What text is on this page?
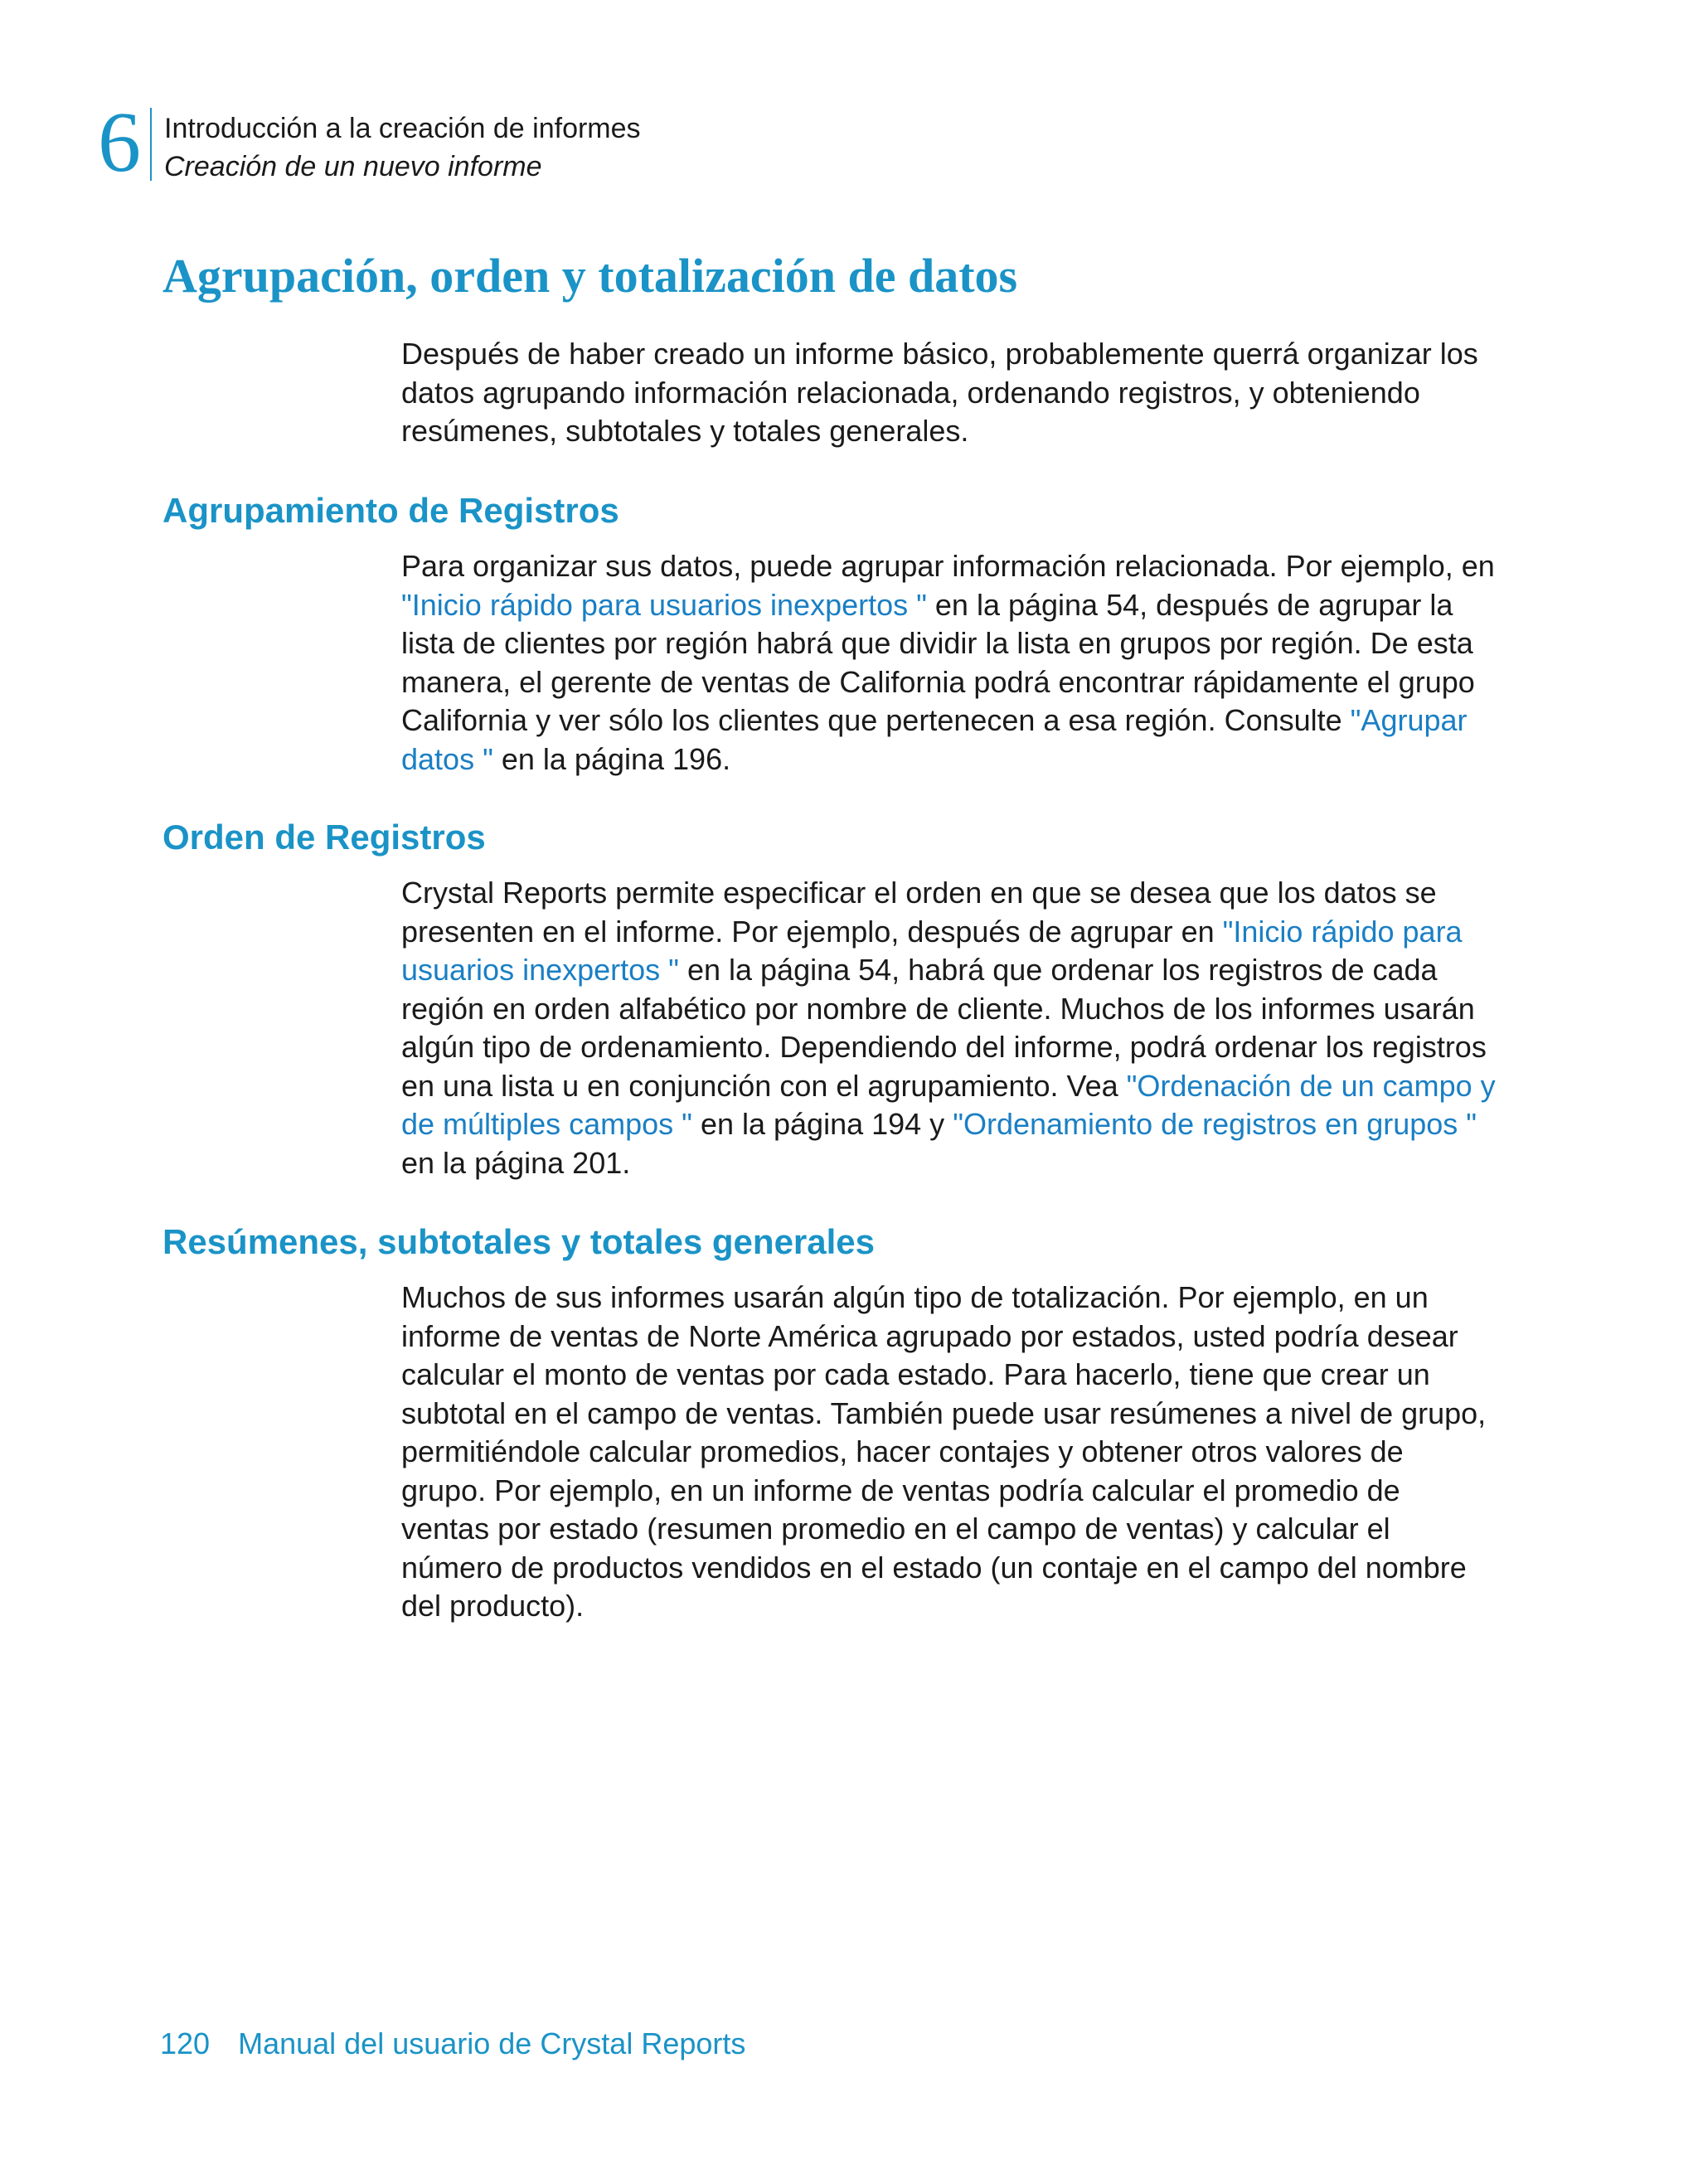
6 Introducción a la creación de informes
Creación de un nuevo informe
Agrupación, orden y totalización de datos

Después de haber creado un informe básico, probablemente querrá organizar los datos agrupando información relacionada, ordenando registros, y obteniendo resúmenes, subtotales y totales generales.

Agrupamiento de Registros

Para organizar sus datos, puede agrupar información relacionada. Por ejemplo, en "Inicio rápido para usuarios inexpertos " en la página 54, después de agrupar la lista de clientes por región habrá que dividir la lista en grupos por región. De esta manera, el gerente de ventas de California podrá encontrar rápidamente el grupo California y ver sólo los clientes que pertenecen a esa región. Consulte "Agrupar datos " en la página 196.

Orden de Registros

Crystal Reports permite especificar el orden en que se desea que los datos se presenten en el informe. Por ejemplo, después de agrupar en "Inicio rápido para usuarios inexpertos " en la página 54, habrá que ordenar los registros de cada región en orden alfabético por nombre de cliente. Muchos de los informes usarán algún tipo de ordenamiento. Dependiendo del informe, podrá ordenar los registros en una lista u en conjunción con el agrupamiento. Vea "Ordenación de un campo y de múltiples campos " en la página 194 y "Ordenamiento de registros en grupos " en la página 201.

Resúmenes, subtotales y totales generales

Muchos de sus informes usarán algún tipo de totalización. Por ejemplo, en un informe de ventas de Norte América agrupado por estados, usted podría desear calcular el monto de ventas por cada estado. Para hacerlo, tiene que crear un subtotal en el campo de ventas. También puede usar resúmenes a nivel de grupo, permitiéndole calcular promedios, hacer contajes y obtener otros valores de grupo. Por ejemplo, en un informe de ventas podría calcular el promedio de ventas por estado (resumen promedio en el campo de ventas) y calcular el número de productos vendidos en el estado (un contaje en el campo del nombre del producto).

120 Manual del usuario de Crystal Reports
